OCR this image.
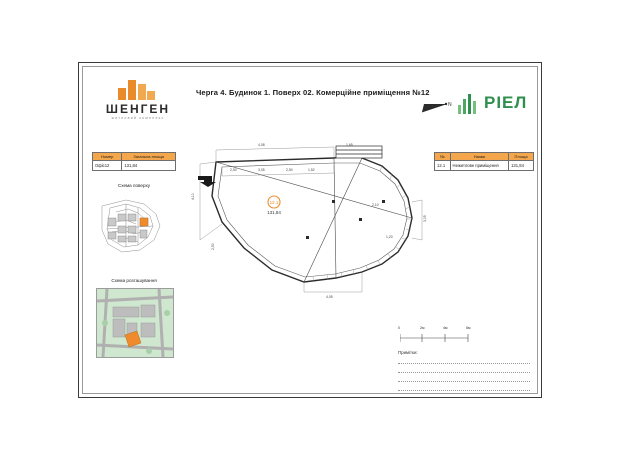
ШЕНГЕН
житловий комплекс
Черга 4. Будинок 1. Поверх 02. Комерційне приміщення №12
N РІЕЛ
Номер	Загальна площа
Офіс12	131,84
№	Назва	Площа
12.1	Нежитлове приміщення	131,84
Схема поверху
Схема розташування
12.1
131,84
4,08	1,65
2,50	3,05	2,50	1,52
4,10
2,50
3,05
4,05
2,10
1,20
0	2м	4м	6м
Примітки:
